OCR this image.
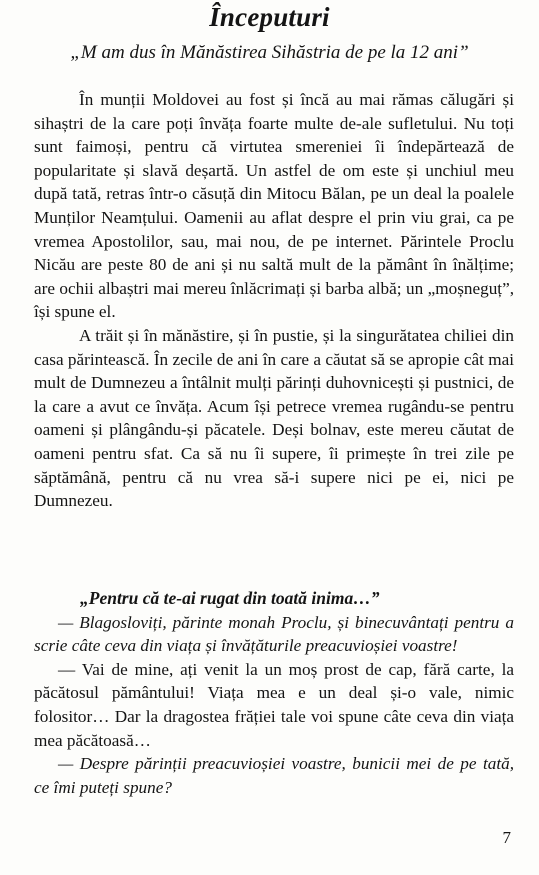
Începuturi
„M am dus în Mănăstirea Sihăstria de pe la 12 ani”

În munții Moldovei au fost și încă au mai rămas călugări și sihaștri de la care poți învăța foarte multe de-ale sufletului. Nu toți sunt faimoși, pentru că virtutea smereniei îi îndepărtează de popularitate și slavă deșartă. Un astfel de om este și unchiul meu după tată, retras într-o căsuță din Mitocu Bălan, pe un deal la poalele Munților Neamțului. Oamenii au aflat despre el prin viu grai, ca pe vremea Apostolilor, sau, mai nou, de pe internet. Părintele Proclu Nicău are peste 80 de ani și nu saltă mult de la pământ în înălțime; are ochii albaștri mai mereu înlăcrimați și barba albă; un „moșneguț”, își spune el.

A trăit și în mănăstire, și în pustie, și la singurătatea chiliei din casa părintească. În zecile de ani în care a căutat să se apropie cât mai mult de Dumnezeu a întâlnit mulți părinți duhovnicești și pustnici, de la care a avut ce învăța. Acum își petrece vremea rugându-se pentru oameni și plângându-și păcatele. Deși bolnav, este mereu căutat de oameni pentru sfat. Ca să nu îi supere, îi primește în trei zile pe săptămână, pentru că nu vrea să-i supere nici pe ei, nici pe Dumnezeu.

„Pentru că te-ai rugat din toată inima…”

— Blagosloviți, părinte monah Proclu, și binecuvântați pentru a scrie câte ceva din viața și învățăturile preacuvioșiei voastre!

— Vai de mine, ați venit la un moș prost de cap, fără carte, la păcătosul pământului! Viața mea e un deal și-o vale, nimic folositor… Dar la dragostea frăției tale voi spune câte ceva din viața mea păcătoasă…

— Despre părinții preacuvioșiei voastre, bunicii mei de pe tată, ce îmi puteți spune?

7
